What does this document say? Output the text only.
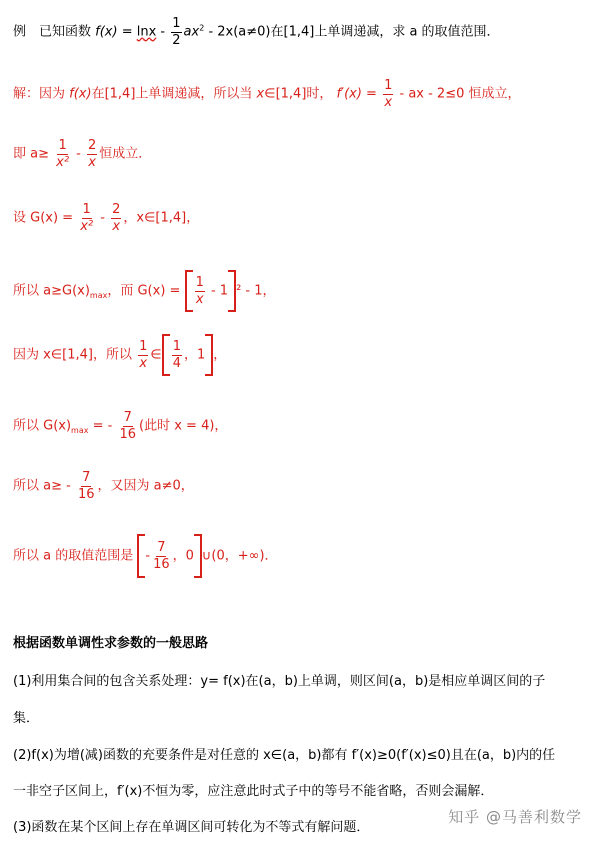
例　已知函数 $f(x) = \ln x - \frac{1}{2} ax^2 - 2x(a\ne 0)$在[1,4]上单调递减，求 a 的取值范围．
解：因为 f(x)在[1,4]上单调递减，所以当 x∈[1,4]时， $f'(x) = \frac{1}{x}$ - ax - 2≤0 恒成立，
即 $a\ge \frac{1}{\text{x²}} - \frac{2}{x}$ 恒成立．
设 $G(x) = \frac{1}{\text{x²}} - \frac{2}{x}$ ，x∈[1,4]，
所以 $a\ge G(x)_{max}$，而 $G(x) = \frac{1}{x} - 1$ ² - 1，
因为 x∈[1,4]，所以 $\frac{1}{x}$ ∈ $\frac{1}{4}$ ，1 ，
所以 $G(x)_{max}$ = - $\frac{7}{16}$ (此时 x = 4)，
所以 $a\ge - \frac{7}{16}$ ，又因为 a≠0，
所以 a 的取值范围是 - $\frac{7}{16}$ ，0 ∪(0，+∞)．
根据函数单调性求参数的一般思路
(1)利用集合间的包含关系处理：y= f(x)在(a，b)上单调，则区间(a，b)是相应单调区间的子
集．
(2)f(x)为增(减)函数的充要条件是对任意的 x∈(a，b)都有 f′(x)≥0(f′(x)≤0)且在(a，b)内的任
一非空子区间上，f′(x)不恒为零，应注意此时式子中的等号不能省略，否则会漏解．
(3)函数在某个区间上存在单调区间可转化为不等式有解问题．
知乎 @马善利数学
